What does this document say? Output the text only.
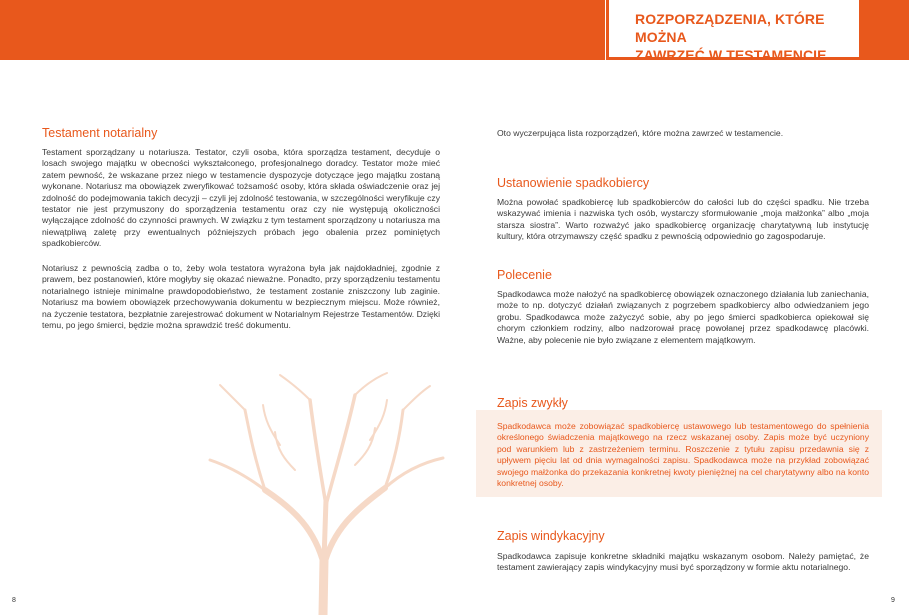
ROZPORZĄDZENIA, KTÓRE MOŻNA

ZAWRZEĆ W TESTAMENCIE

Testament notarialny

Testament sporządzany u notariusza. Testator, czyli osoba, która sporządza testament, decyduje o losach swojego majątku w obecności wykształconego, profesjonalnego doradcy. Testator może mieć zatem pewność, że wskazane przez niego w testamencie dyspozycje dotyczące jego majątku zostaną wykonane. Notariusz ma obowiązek zweryfikować tożsamość osoby, która składa oświadczenie oraz jej zdolność do podejmowania takich decyzji – czyli jej zdolność testowania, w szczególności weryfikuje czy testator nie jest przymuszony do sporządzenia testamentu oraz czy nie występują okoliczności wyłączające zdolność do czynności prawnych. W związku z tym testament sporządzony u notariusza ma niewątpliwą zaletę przy ewentualnych późniejszych próbach jego obalenia przez pominiętych spadkobierców.

Notariusz z pewnością zadba o to, żeby wola testatora wyrażona była jak najdokładniej, zgodnie z prawem, bez postanowień, które mogłyby się okazać nieważne. Ponadto, przy sporządzeniu testamentu notarialnego istnieje minimalne prawdopodobieństwo, że testament zostanie zniszczony lub zaginie. Notariusz ma bowiem obowiązek przechowywania dokumentu w bezpiecznym miejscu. Może również, na życzenie testatora, bezpłatnie zarejestrować dokument w Notarialnym Rejestrze Testamentów. Dzięki temu, po jego śmierci, będzie można sprawdzić treść dokumentu.

8

Oto wyczerpująca lista rozporządzeń, które można zawrzeć w testamencie.

Ustanowienie spadkobiercy

Można powołać spadkobiercę lub spadkobierców do całości lub do części spadku. Nie trzeba wskazywać imienia i nazwiska tych osób, wystarczy sformułowanie „moja małżonka” albo „moja starsza siostra”. Warto rozważyć jako spadkobiercę organizację charytatywną lub instytucję kultury, która otrzymawszy część spadku z pewnością odpowiednio go zagospodaruje.

Polecenie

Spadkodawca może nałożyć na spadkobiercę obowiązek oznaczonego działania lub zaniechania, może to np. dotyczyć działań związanych z pogrzebem spadkobiercy albo odwiedzaniem jego grobu. Spadkodawca może zażyczyć sobie, aby po jego śmierci spadkobierca opiekował się chorym członkiem rodziny, albo nadzorował pracę powołanej przez spadkodawcę placówki. Ważne, aby polecenie nie było związane z elementem majątkowym.

Zapis zwykły

Spadkodawca może zobowiązać spadkobiercę ustawowego lub testamentowego do spełnienia określonego świadczenia majątkowego na rzecz wskazanej osoby. Zapis może być uczyniony pod warunkiem lub z zastrzeżeniem terminu. Roszczenie z tytułu zapisu przedawnia się z upływem pięciu lat od dnia wymagalności zapisu. Spadkodawca może na przykład zobowiązać swojego małżonka do przekazania konkretnej kwoty pieniężnej na cel charytatywny albo na konto konkretnej osoby.

Zapis windykacyjny

Spadkodawca zapisuje konkretne składniki majątku wskazanym osobom. Należy pamiętać, że testament zawierający zapis windykacyjny musi być sporządzony w formie aktu notarialnego.

9
